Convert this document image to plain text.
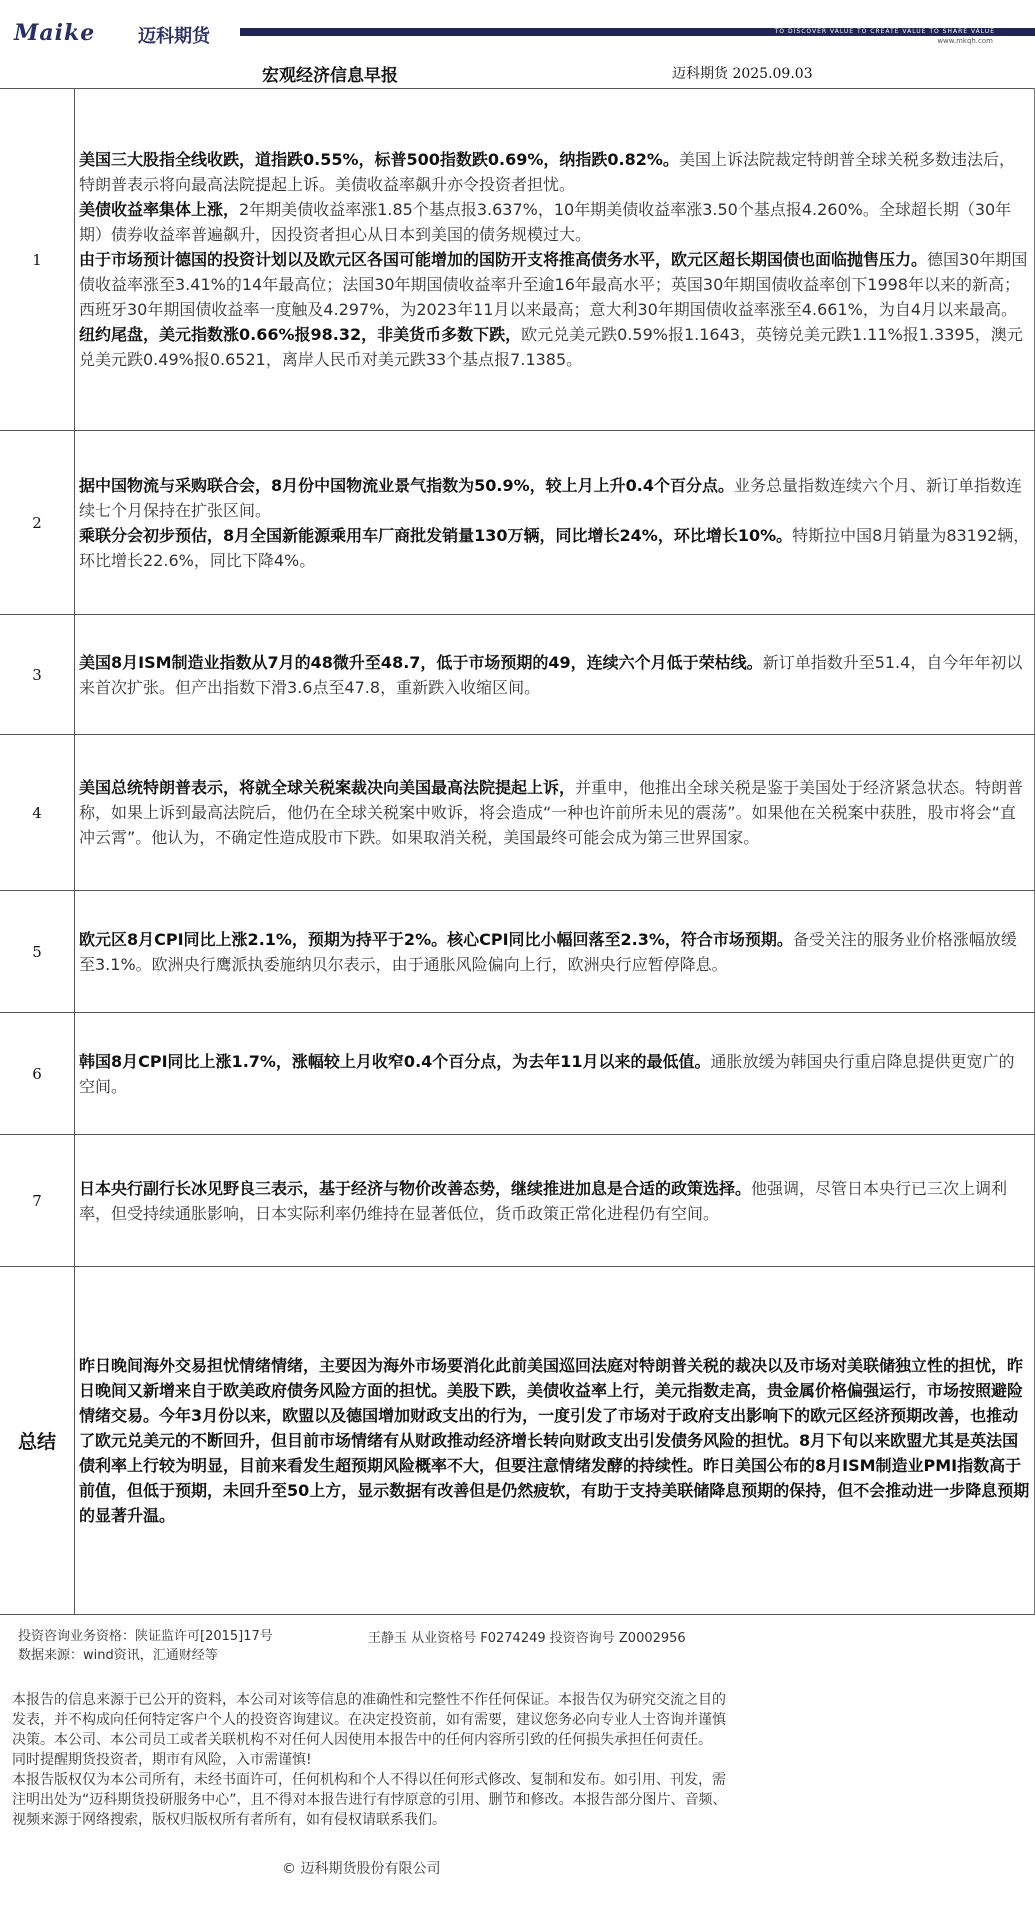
Maike 迈科期货	TO DISCOVER VALUE TO CREATE VALUE TO SHARE VALUE
www.mkqh.com
宏观经济信息早报	迈科期货 2025.09.03
1	美国三大股指全线收跌，道指跌0.55%，标普500指数跌0.69%，纳指跌0.82%。美国上诉法院裁定特朗普全球关税多数违法后，特朗普表示将向最高法院提起上诉。美债收益率飙升亦令投资者担忧。

美债收益率集体上涨，2年期美债收益率涨1.85个基点报3.637%，10年期美债收益率涨3.50个基点报4.260%。全球超长期（30年期）债券收益率普遍飙升，因投资者担心从日本到美国的债务规模过大。

由于市场预计德国的投资计划以及欧元区各国可能增加的国防开支将推高债务水平，欧元区超长期国债也面临抛售压力。德国30年期国债收益率涨至3.41%的14年最高位；法国30年期国债收益率升至逾16年最高水平；英国30年期国债收益率创下1998年以来的新高；西班牙30年期国债收益率一度触及4.297%，为2023年11月以来最高；意大利30年期国债收益率涨至4.661%，为自4月以来最高。

纽约尾盘，美元指数涨0.66%报98.32，非美货币多数下跌，欧元兑美元跌0.59%报1.1643，英镑兑美元跌1.11%报1.3395，澳元兑美元跌0.49%报0.6521，离岸人民币对美元跌33个基点报7.1385。

2	据中国物流与采购联合会，8月份中国物流业景气指数为50.9%，较上月上升0.4个百分点。业务总量指数连续六个月、新订单指数连续七个月保持在扩张区间。

乘联分会初步预估，8月全国新能源乘用车厂商批发销量130万辆，同比增长24%，环比增长10%。特斯拉中国8月销量为83192辆，环比增长22.6%，同比下降4%。

3	美国8月ISM制造业指数从7月的48微升至48.7，低于市场预期的49，连续六个月低于荣枯线。新订单指数升至51.4，自今年年初以来首次扩张。但产出指数下滑3.6点至47.8，重新跌入收缩区间。

4	美国总统特朗普表示，将就全球关税案裁决向美国最高法院提起上诉，并重申，他推出全球关税是鉴于美国处于经济紧急状态。特朗普称，如果上诉到最高法院后，他仍在全球关税案中败诉，将会造成“一种也许前所未见的震荡”。如果他在关税案中获胜，股市将会“直冲云霄”。他认为，不确定性造成股市下跌。如果取消关税，美国最终可能会成为第三世界国家。

5	欧元区8月CPI同比上涨2.1%，预期为持平于2%。核心CPI同比小幅回落至2.3%，符合市场预期。备受关注的服务业价格涨幅放缓至3.1%。欧洲央行鹰派执委施纳贝尔表示，由于通胀风险偏向上行，欧洲央行应暂停降息。

6	韩国8月CPI同比上涨1.7%，涨幅较上月收窄0.4个百分点，为去年11月以来的最低值。通胀放缓为韩国央行重启降息提供更宽广的空间。

7	日本央行副行长冰见野良三表示，基于经济与物价改善态势，继续推进加息是合适的政策选择。他强调，尽管日本央行已三次上调利率，但受持续通胀影响，日本实际利率仍维持在显著低位，货币政策正常化进程仍有空间。

总结	昨日晚间海外交易担忧情绪情绪，主要因为海外市场要消化此前美国巡回法庭对特朗普关税的裁决以及市场对美联储独立性的担忧，昨日晚间又新增来自于欧美政府债务风险方面的担忧。美股下跌，美债收益率上行，美元指数走高，贵金属价格偏强运行，市场按照避险情绪交易。今年3月份以来，欧盟以及德国增加财政支出的行为，一度引发了市场对于政府支出影响下的欧元区经济预期改善，也推动了欧元兑美元的不断回升，但目前市场情绪有从财政推动经济增长转向财政支出引发债务风险的担忧。8月下旬以来欧盟尤其是英法国债利率上行较为明显，目前来看发生超预期风险概率不大，但要注意情绪发酵的持续性。昨日美国公布的8月ISM制造业PMI指数高于前值，但低于预期，未回升至50上方，显示数据有改善但是仍然疲软，有助于支持美联储降息预期的保持，但不会推动进一步降息预期的显著升温。

投资咨询业务资格：陕证监许可[2015]17号
数据来源：wind资讯，汇通财经等
王静玉 从业资格号 F0274249 投资咨询号 Z0002956

本报告的信息来源于已公开的资料，本公司对该等信息的准确性和完整性不作任何保证。本报告仅为研究交流之目的发表，并不构成向任何特定客户个人的投资咨询建议。在决定投资前，如有需要，建议您务必向专业人士咨询并谨慎决策。本公司、本公司员工或者关联机构不对任何人因使用本报告中的任何内容所引致的任何损失承担任何责任。

同时提醒期货投资者，期市有风险，入市需谨慎!

本报告版权仅为本公司所有，未经书面许可，任何机构和个人不得以任何形式修改、复制和发布。如引用、刊发，需注明出处为“迈科期货投研服务中心”，且不得对本报告进行有悖原意的引用、删节和修改。本报告部分图片、音频、视频来源于网络搜索，版权归版权所有者所有，如有侵权请联系我们。

© 迈科期货股份有限公司
